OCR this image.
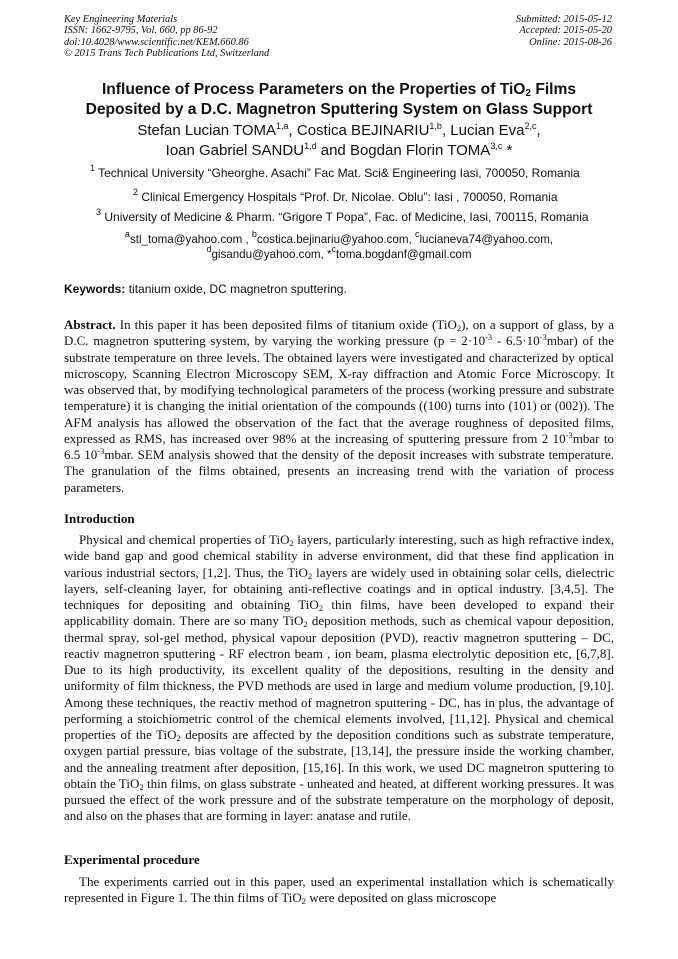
Key Engineering Materials
ISSN: 1662-9795, Vol. 660, pp 86-92
doi:10.4028/www.scientific.net/KEM.660.86
© 2015 Trans Tech Publications Ltd, Switzerland
Submitted: 2015-05-12
Accepted: 2015-05-20
Online: 2015-08-26
Influence of Process Parameters on the Properties of TiO$_2$ Films
Deposited by a D.C. Magnetron Sputtering System on Glass Support
Stefan Lucian TOMA$^{1,a}$, Costica BEJINARIU$^{1,b}$, Lucian Eva$^{2,c}$,
Ioan Gabriel SANDU$^{1,d}$ and Bogdan Florin TOMA$^{3,c}$ *
$^1$ Technical University “Gheorghe. Asachi” Fac Mat. Sci& Engineering Iasi, 700050, Romania
$^2$ Clinical Emergency Hospitals “Prof. Dr. Nicolae. Oblu”: Iasi , 700050, Romania
$^3$ University of Medicine & Pharm. “Grigore T Popa”, Fac. of Medicine, Iasi, 700115, Romania
$^a$stl_toma@yahoo.com , $^b$costica.bejinariu@yahoo.com, $^c$lucianeva74@yahoo.com,
$^d$gisandu@yahoo.com, *$^c$toma.bogdanf@gmail.com
Keywords: titanium oxide, DC magnetron sputtering.
Abstract. In this paper it has been deposited films of titanium oxide (TiO$_2$), on a support of glass, by a D.C. magnetron sputtering system, by varying the working pressure ($p = 2\cdot 10^{-3}$ - $6.5\cdot 10^{-3}mbar$) of the substrate temperature on three levels. The obtained layers were investigated and characterized by optical microscopy, Scanning Electron Microscopy SEM, X-ray diffraction and Atomic Force Microscopy. It was observed that, by modifying technological parameters of the process (working pressure and substrate temperature) it is changing the initial orientation of the compounds ((100) turns into (101) or (002)). The AFM analysis has allowed the observation of the fact that the average roughness of deposited films, expressed as RMS, has increased over 98% at the increasing of sputtering pressure from 2 $10^{-3}mbar$ to 6.5 $10^{-3}mbar$. SEM analysis showed that the density of the deposit increases with substrate temperature. The granulation of the films obtained, presents an increasing trend with the variation of process parameters.
Introduction
Physical and chemical properties of TiO$_2$ layers, particularly interesting, such as high refractive index, wide band gap and good chemical stability in adverse environment, did that these find application in various industrial sectors, [1,2]. Thus, the TiO$_2$ layers are widely used in obtaining solar cells, dielectric layers, self-cleaning layer, for obtaining anti-reflective coatings and in optical industry. [3,4,5]. The techniques for depositing and obtaining TiO$_2$ thin films, have been developed to expand their applicability domain. There are so many TiO$_2$ deposition methods, such as chemical vapour deposition, thermal spray, sol-gel method, physical vapour deposition (PVD), reactiv magnetron sputtering – DC, reactiv magnetron sputtering - RF electron beam , ion beam, plasma electrolytic deposition etc, [6,7,8]. Due to its high productivity, its excellent quality of the depositions, resulting in the density and uniformity of film thickness, the PVD methods are used in large and medium volume production, [9,10]. Among these techniques, the reactiv method of magnetron sputtering - DC, has in plus, the advantage of performing a stoichiometric control of the chemical elements involved, [11,12]. Physical and chemical properties of the TiO$_2$ deposits are affected by the deposition conditions such as substrate temperature, oxygen partial pressure, bias voltage of the substrate, [13,14], the pressure inside the working chamber, and the annealing treatment after deposition, [15,16]. In this work, we used DC magnetron sputtering to obtain the TiO$_2$ thin films, on glass substrate - unheated and heated, at different working pressures. It was pursued the effect of the work pressure and of the substrate temperature on the morphology of deposit, and also on the phases that are forming in layer: anatase and rutile.
Experimental procedure
The experiments carried out in this paper, used an experimental installation which is schematically represented in Figure 1. The thin films of TiO$_2$ were deposited on glass microscope
